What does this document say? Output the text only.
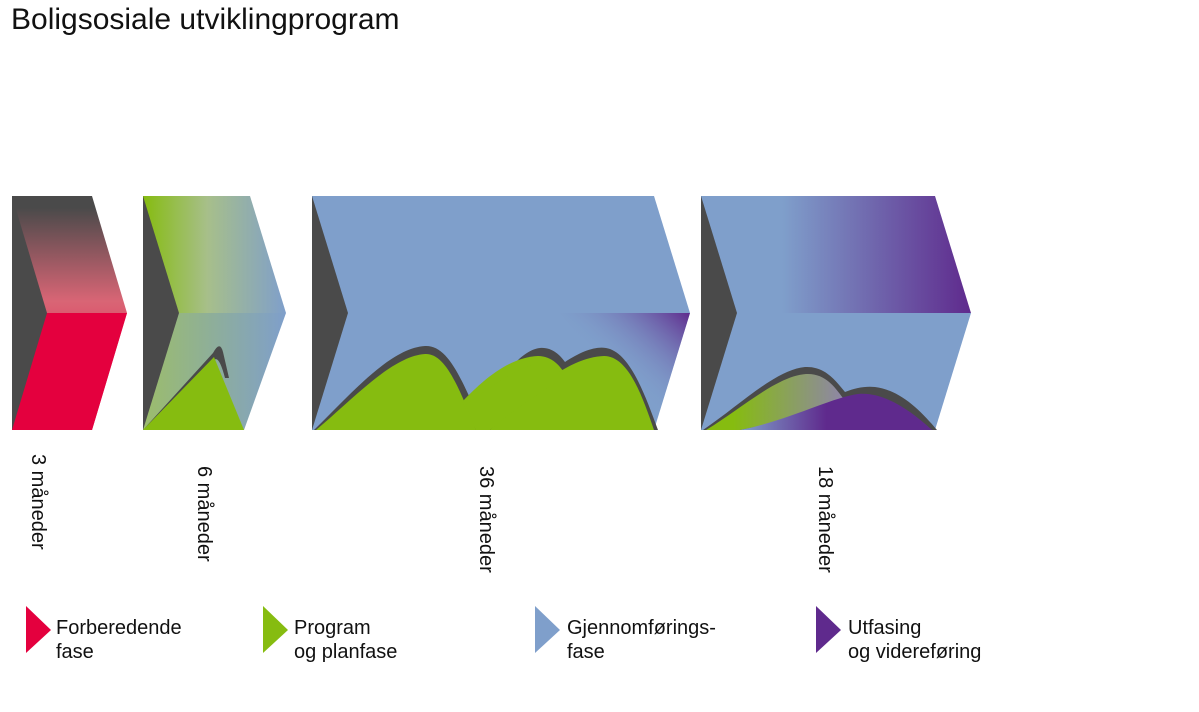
Boligsosiale utviklingprogram
3 måneder	6 måneder	36 måneder	18 måneder
Forberedende
fase
Program
og planfase
Gjennomførings-
fase
Utfasing
og videreføring
